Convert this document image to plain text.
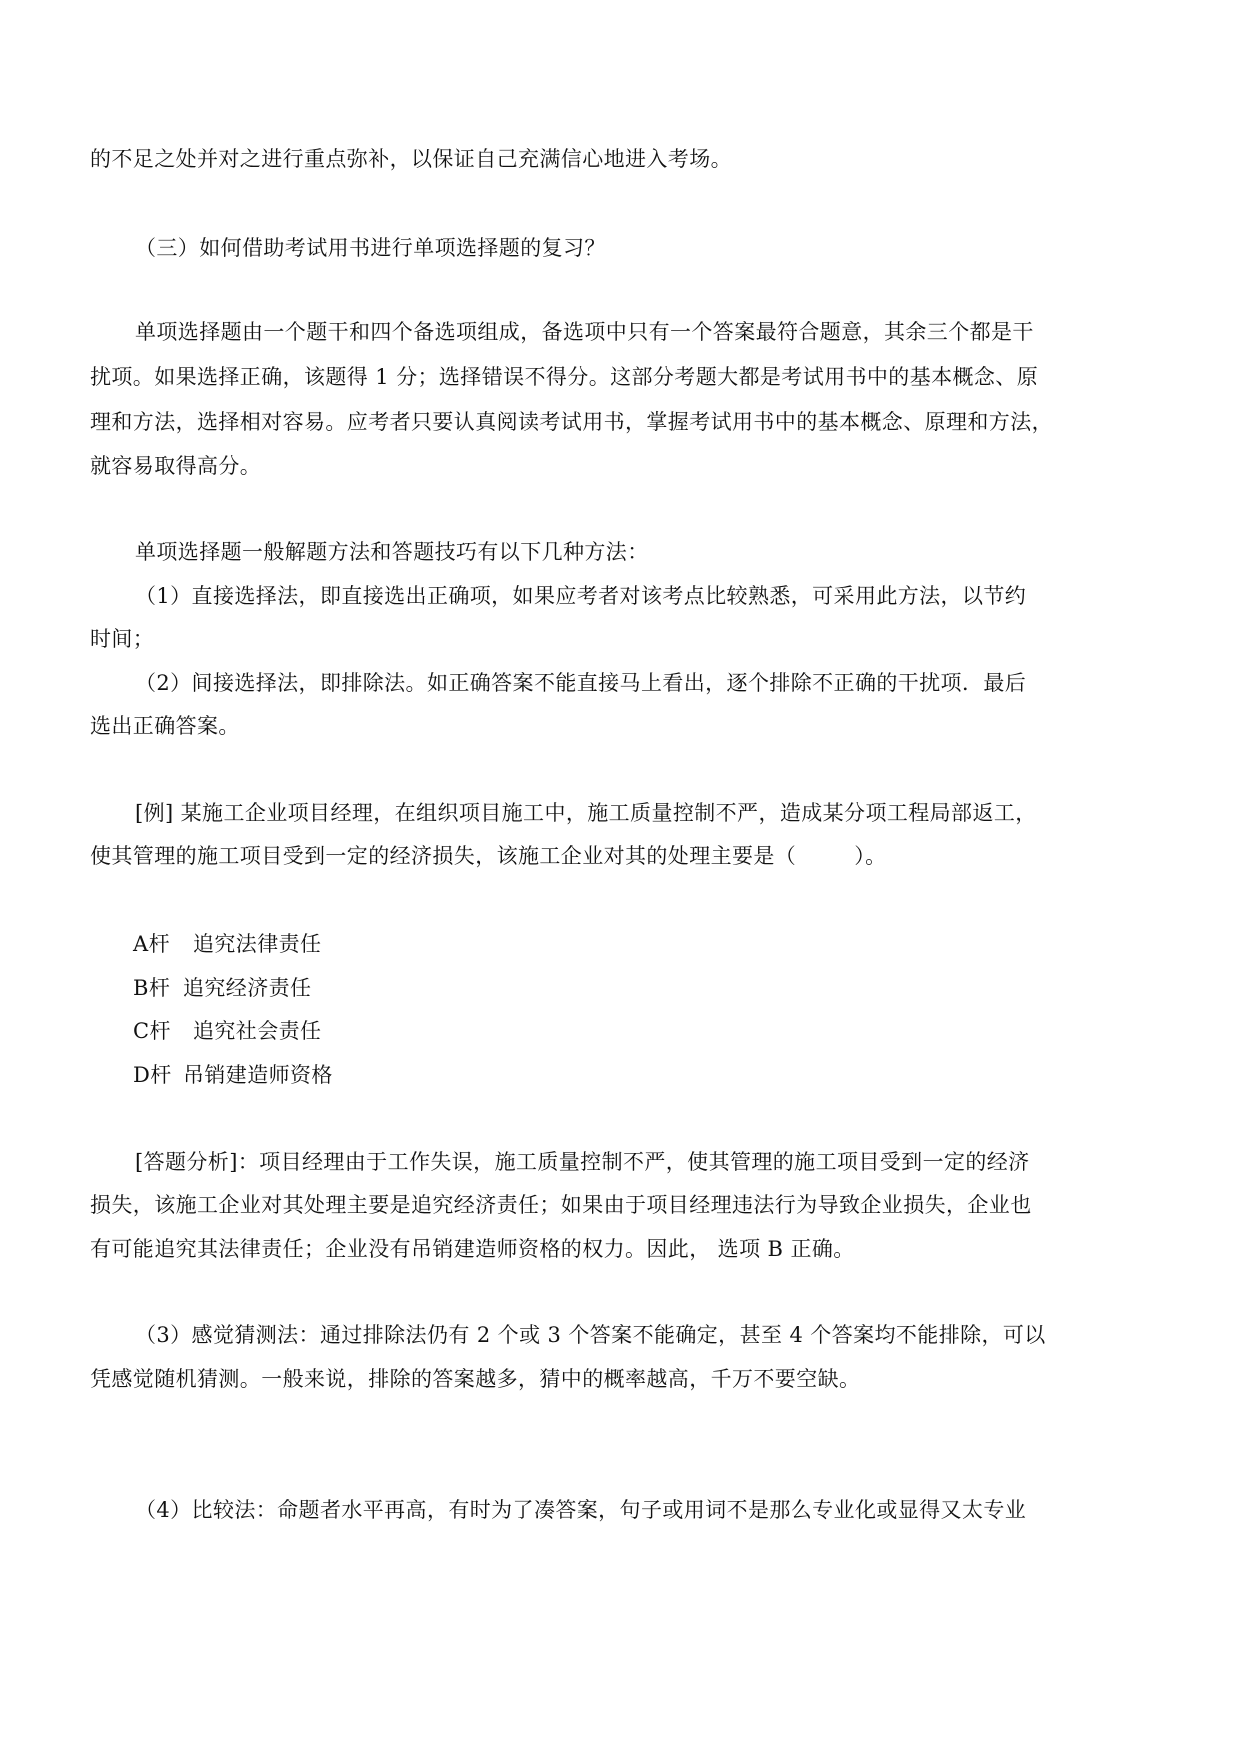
的不足之处并对之进行重点弥补，以保证自己充满信心地进入考场。

（三）如何借助考试用书进行单项选择题的复习？

单项选择题由一个题干和四个备选项组成，备选项中只有一个答案最符合题意，其余三个都是干

扰项。如果选择正确，该题得 1 分；选择错误不得分。这部分考题大都是考试用书中的基本概念、原

理和方法，选择相对容易。应考者只要认真阅读考试用书，掌握考试用书中的基本概念、原理和方法，

就容易取得高分。

单项选择题一般解题方法和答题技巧有以下几种方法：

（1）直接选择法，即直接选出正确项，如果应考者对该考点比较熟悉，可采用此方法，以节约

时间；

（2）间接选择法，即排除法。如正确答案不能直接马上看出，逐个排除不正确的干扰项．最后

选出正确答案。

[例] 某施工企业项目经理，在组织项目施工中，施工质量控制不严，造成某分项工程局部返工，

使其管理的施工项目受到一定的经济损失，该施工企业对其的处理主要是（	）。

A杆 追究法律责任

B杆 追究经济责任

C杆 追究社会责任

D杆 吊销建造师资格

[答题分析]：项目经理由于工作失误，施工质量控制不严，使其管理的施工项目受到一定的经济

损失，该施工企业对其处理主要是追究经济责任；如果由于项目经理违法行为导致企业损失，企业也

有可能追究其法律责任；企业没有吊销建造师资格的权力。因此， 选项 B 正确。

（3）感觉猜测法：通过排除法仍有 2 个或 3 个答案不能确定，甚至 4 个答案均不能排除，可以

凭感觉随机猜测。一般来说，排除的答案越多，猜中的概率越高，千万不要空缺。

（4）比较法：命题者水平再高，有时为了凑答案，句子或用词不是那么专业化或显得又太专业
